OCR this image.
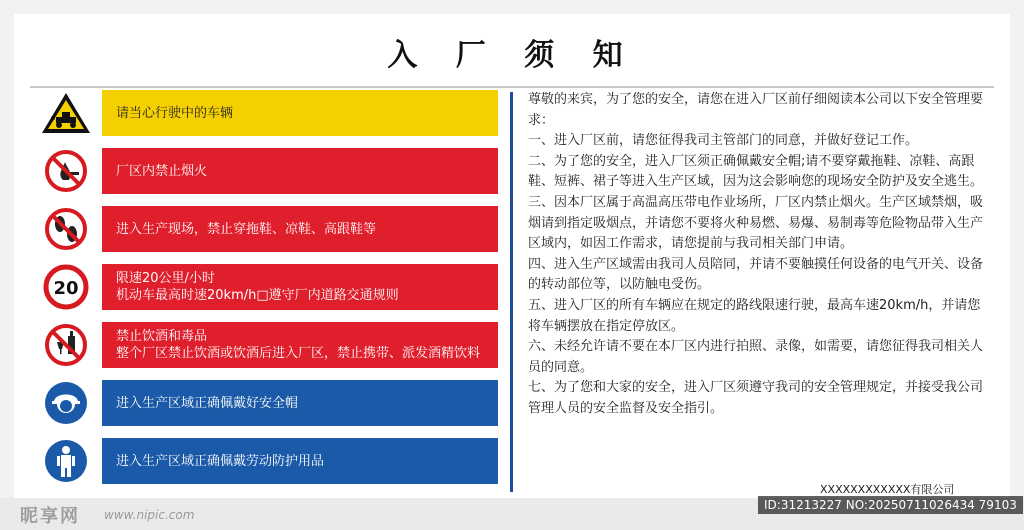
入 厂 须 知
请当心行驶中的车辆
厂区内禁止烟火
进入生产现场，禁止穿拖鞋、凉鞋、高跟鞋等
20	限速20公里/小时
机动车最高时速20km/h□遵守厂内道路交通规则
禁止饮酒和毒品
整个厂区禁止饮酒或饮酒后进入厂区，禁止携带、派发酒精饮料
进入生产区域正确佩戴好安全帽
进入生产区域正确佩戴劳动防护用品

尊敬的来宾，为了您的安全，请您在进入厂区前仔细阅读本公司以下安全管理要求：

一、进入厂区前，请您征得我司主管部门的同意，并做好登记工作。

二、为了您的安全，进入厂区须正确佩戴安全帽;请不要穿戴拖鞋、凉鞋、高跟鞋、短裤、裙子等进入生产区域，因为这会影响您的现场安全防护及安全逃生。

三、因本厂区属于高温高压带电作业场所，厂区内禁止烟火。生产区域禁烟，吸烟请到指定吸烟点，并请您不要将火种易燃、易爆、易制毒等危险物品带入生产区域内，如因工作需求，请您提前与我司相关部门申请。

四、进入生产区域需由我司人员陪同，并请不要触摸任何设备的电气开关、设备的转动部位等，以防触电受伤。

五、进入厂区的所有车辆应在规定的路线限速行驶，最高车速20km/h，并请您将车辆摆放在指定停放区。

六、未经允许请不要在本厂区内进行拍照、录像，如需要，请您征得我司相关人员的同意。

七、为了您和大家的安全，进入厂区须遵守我司的安全管理规定，并接受我公司管理人员的安全监督及安全指引。

XXXXXXXXXXXX有限公司
昵享网 www.nipic.com
ID:31213227 NO:20250711026434 79103
